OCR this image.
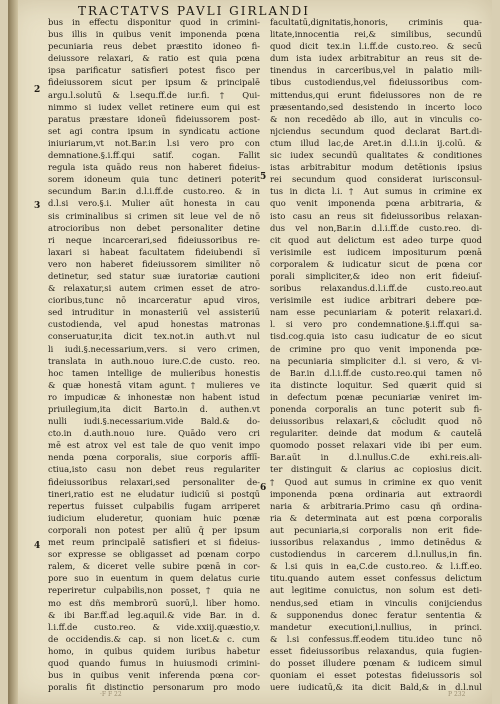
TRACTATVS PAVLI GIRLANDI
bus in effectu disponitur quod in crimini-
bus illis in quibus venit imponenda pœna
pecuniaria reus debet præstito idoneo fi-
deiussore relaxari, & ratio est quia pœna
ipsa parificatur satisfieri potest fisco per
fideiussorem sicut per ipsum & principalē
argu.l.solutū & l.sequ.ff.de iur.fi. † Qui-
nimmo si iudex vellet retinere eum qui est
paratus præstare idoneū fideiussorem post-
set agi contra ipsum in syndicatu actione
iniuriarum,vt not.Bar.in l.si vero pro con
demnatione.§.i.ff.qui satif. cogan. Fallit
regula ista quādo reus non haberet fideius-
sorem idoneum quia tunc detineri poterit
secundum Bar.in d.l.i.ff.de custo.reo. & in
d.l.si vero.§.i. Mulier aūt honesta in cau
sis criminalibus si crimen sit leue vel de nō
atrocioribus non debet personaliter detine
ri neque incarcerari,sed fideiussoribus re-
laxari si habeat facultatem fideiubendi sī
vero non haberet fideiussorem similiter nō
detinetur, sed statur suæ iuratoriæ cautioni
& relaxatur,si autem crimen esset de atro-
cioribus,tunc nō incarceratur apud viros,
sed intruditur in monasteriū vel assisteriū
custodienda, vel apud honestas matronas
conseruatur,ita dicit tex.not.in auth.vt nul
li iudi.§.necessarium,vers. si vero crimen,
translata in auth.nouo iure.C.de custo. reo.
hoc tamen intellige de mulieribus honestis
& quæ honestā vitam agunt.† mulieres ve
ro impudicæ & inhonestæ non habent istud
priuilegium,ita dicit Barto.in d. authen.vt
nulli iudi.§.necessarium.vide Bald.& do-
cto.in d.auth.nouo iure. Quādo vero cri
mē est atrox vel est tale de quo venit impo
nenda pœna corporalis, siue corporis afflī-
ctiua,isto casu non debet reus regulariter
fideiussoribus relaxari,sed personaliter de-
tineri,ratio est ne eludatur iudiciū si postqū
repertus fuisset culpabilis fugam arriperet
iudicium eluderetur, quoniam huic pœnæ
corporali non potest per aliū q̄ per ipsum
met reum principalē satisfieri et si fideius-
sor expresse se obligasset ad pœnam corpo
ralem, & diceret velle subire pœnā in cor-
pore suo in euentum in quem delatus curie
reperiretur culpabilis,non posset,† quia ne
mo est dñs membrorū suorū,l. liber homo.
& ibi Bar.ff.ad leg.aquil.& vide Bar. in d.
l.i.ff.de custo.reo. & vide.xxiij.quæstio,v.
de occidendis.& cap. si non licet.& c. cum
homo, in quibus quidem iuribus habetur
quod quando fumus in huiusmodi crimini-
bus in quibus venit inferenda pœna cor-
poralis fit distinctio personarum pro modo
facultatū,dignitatis,honoris, criminis qua-
litate,innocentia rei,& similibus, secundū
quod dicit tex.in l.i.ff.de custo.reo. & secū
dum ista iudex arbitrabitur an reus sit de-
tinendus in carceribus,vel in palatio mili-
tibus custodiendus,vel fideiussoribus com-
mittendus,qui erunt fideiussores non de re
præsentando,sed desistendo in incerto loco
& non recedēdo ab illo, aut in vinculis co-
njciendus secundum quod declarat Bart.di-
ctum illud lac,de Aret.in d.l.i.in ij.colū. &
sic iudex secundū qualitates & conditiones
istas arbitrabitur modum detētionis ipsius
rei secundum quod considerat iurisconsul-
tus in dicta l.i. † Aut sumus in crimine ex
quo venit imponenda pœna arbitraria, &
isto casu an reus sit fideiussoribus relaxan-
dus vel non,Bar.in d.l.i.ff.de custo.reo. di-
cit quod aut delictum est adeo turpe quod
verisimile est iudicem impositurum pœnā
corporalem & iudicatur sicut de pœna cor
porali simpliciter,& ideo non erit fideiuſ-
soribus relaxandus.d.l.i.ff.de custo.reo.aut
verisimile est iudice arbitrari debere pœ-
nam esse pecuniariam & poterit relaxari.d.
l. si vero pro condemnatione.§.i.ff.qui sa-
tisd.cog.quia isto casu iudicatur de eo sicut
de crimine pro quo venit imponenda pœ-
na pecuniaria simpliciter d.l. si vero, & vi-
de Bar.in d.l.i.ff.de custo.reo.qui tamen nō
ita distincte loquitur. Sed quærit quid si
in defectum pœnæ pecuniariæ veniret im-
ponenda corporalis an tunc poterit sub fi-
deiussoribus relaxari,& cōcludit quod nō
regulariter. deinde dat modum & cautelā
quomodo posset relaxari vide ibi per eum.
Bar.aūt in d.l.nullus.C.de exhi.reis.ali-
ter distinguit & clarius ac copiosius dicit.
† Quod aut sumus in crimine ex quo venit
imponenda pœna ordinaria aut extraordi
naria & arbitraria.Primo casu qñ ordina-
ria & determinata aut est pœna corporalis
aut pecuniaria,si corporalis non erit fide-
iussoribus relaxandus , immo detinēdus &
custodiendus in carcerem d.l.nullus,in fin.
& l.si quis in ea,C.de custo.reo. & l.i.ff.eo.
titu.quando autem esset confessus delictum
aut legitime conuictus, non solum est deti-
nendus,sed etiam in vinculis conijciendus
& supponendus donec feratur sententia &
mandetur executioni,l.nullius, in princi.
& l.si confessus.ff.eodem titu.ideo tunc nō
esset fideiussoribus relaxandus, quia fugien-
do posset illudere pœnam & iudicem simul
quoniam ei esset potestas fideiussoris sol
uere iudicatū,& ita dicit Bald,& in d.l.nul
2
3
4
5
6
·F F 22	P 232
